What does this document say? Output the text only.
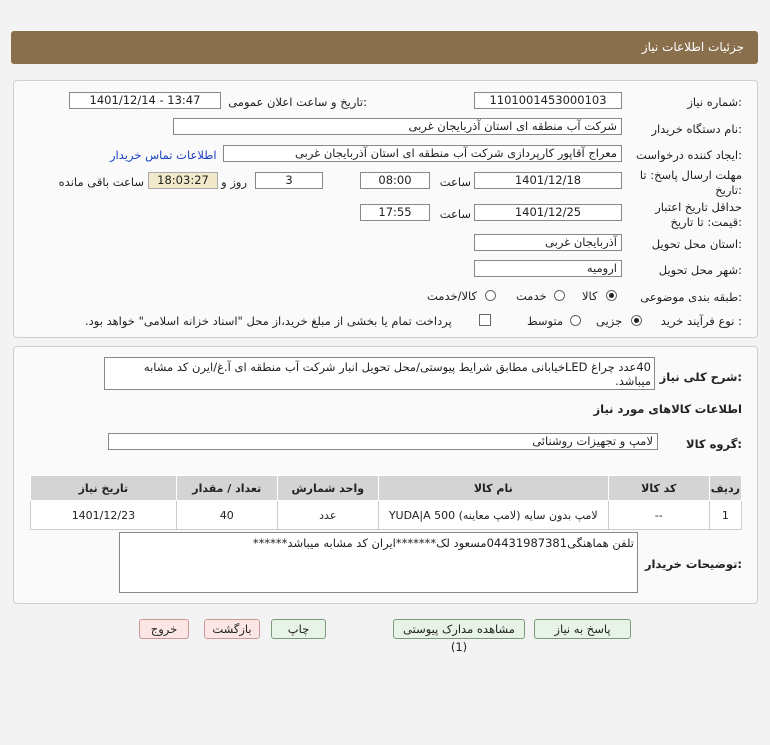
جزئیات اطلاعات نیاز
شماره نیاز:
1101001453000103
تاریخ و ساعت اعلان عمومی:
1401/12/14 - 13:47
نام دستگاه خریدار:
شرکت آب منطقه ای استان آذربایجان غربی
ایجاد کننده درخواست:
معراج آقاپور کارپردازی شرکت آب منطقه ای استان آذربایجان غربی
اطلاعات تماس خریدار
مهلت ارسال پاسخ: تا
تاریخ:
1401/12/18
ساعت
08:00
3
روز و
18:03:27
ساعت باقی مانده
حداقل تاریخ اعتبار
قیمت: تا تاریخ:
1401/12/25
ساعت
17:55
استان محل تحویل:
آذربایجان غربی
شهر محل تحویل:
ارومیه
طبقه بندی موضوعی:
کالا
خدمت
کالا/خدمت
نوع فرآیند خرید :
جزیی
متوسط
پرداخت تمام یا بخشی از مبلغ خرید،از محل "اسناد خزانه اسلامی" خواهد بود.
شرح کلی نیاز:
40عدد چراغ LEDخیابانی مطابق شرایط پیوستی/محل تحویل انبار شرکت آب منطقه ای آ.غ/ایرن کد مشابه میباشد.
اطلاعات کالاهای مورد نیاز
گروه کالا:
لامپ و تجهیزات روشنائی
ردیف	کد کالا	نام کالا	واحد شمارش	تعداد / مقدار	تاریخ نیاز
1	--	لامپ بدون سایه (لامپ معاینه) YUDA|A 500	عدد	40	1401/12/23
توضیحات خریدار:
تلفن هماهنگی04431987381مسعود لک*******ایران کد مشابه میباشد******
پاسخ به نیاز
مشاهده مدارک پیوستی (1)
چاپ
بازگشت
خروج
